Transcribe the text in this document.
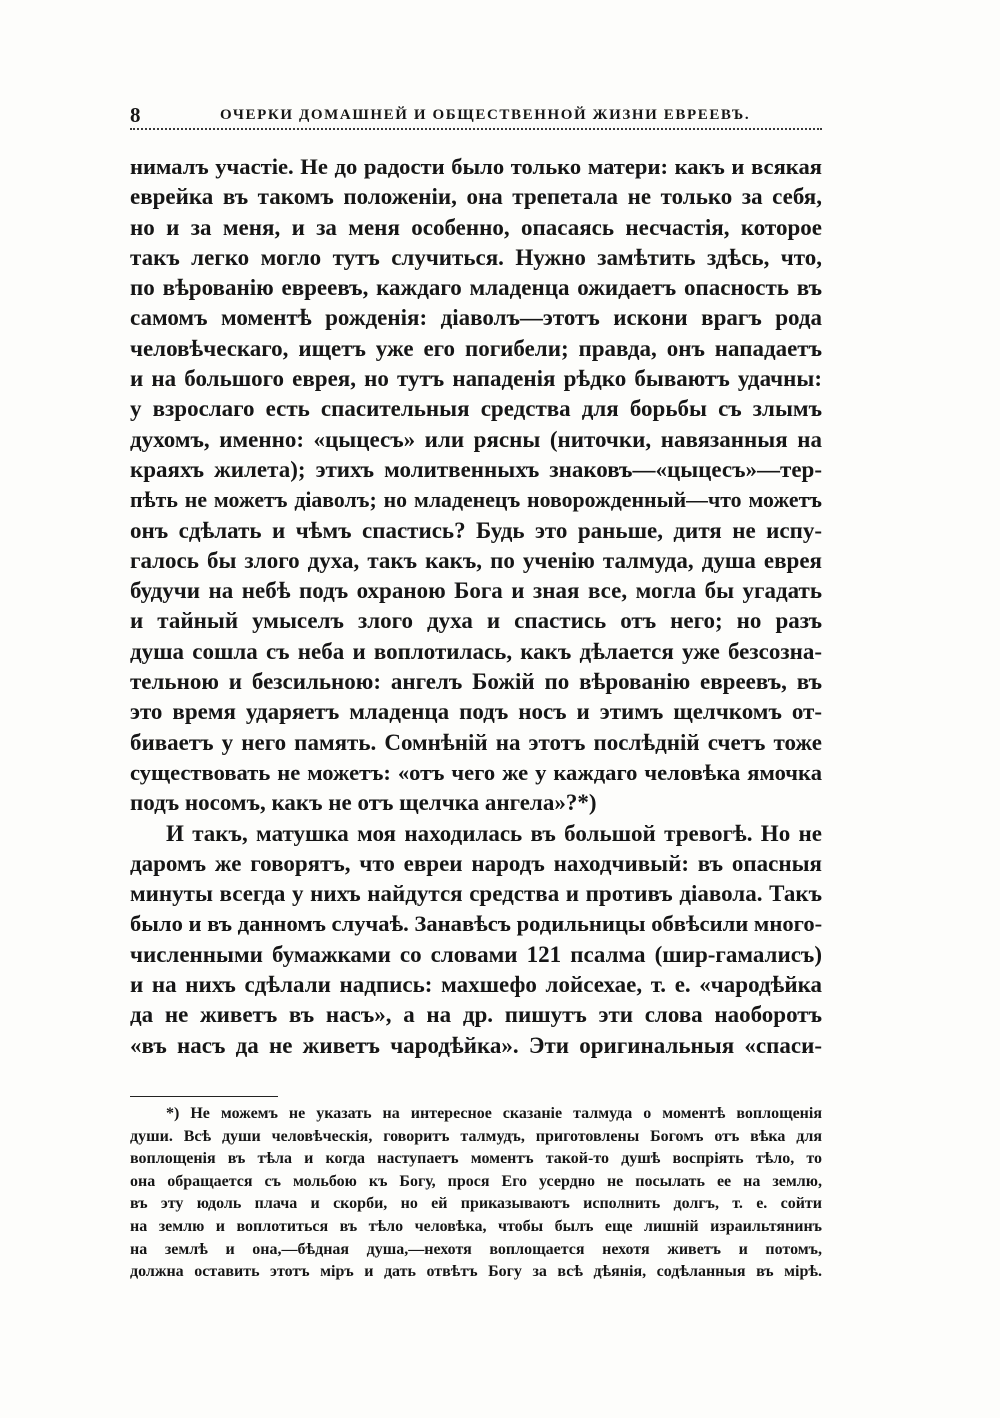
8	ОЧЕРКИ ДОМАШНЕЙ И ОБЩЕСТВЕННОЙ ЖИЗНИ ЕВРЕЕВЪ.
нималъ участіе. Не до радости было только матери: какъ и всякая
еврейка въ такомъ положеніи, она трепетала не только за себя,
но и за меня, и за меня особенно, опасаясь несчастія, которое
такъ легко могло тутъ случиться. Нужно замѣтить здѣсь, что,
по вѣрованію евреевъ, каждаго младенца ожидаетъ опасность въ
самомъ моментѣ рожденія: діаволъ—этотъ искони врагъ рода
человѣческаго, ищетъ уже его погибели; правда, онъ нападаетъ
и на большого еврея, но тутъ нападенія рѣдко бываютъ удачны:
у взрослаго есть спасительныя средства для борьбы съ злымъ
духомъ, именно: «цыцесъ» или рясны (ниточки, навязанныя на
краяхъ жилета); этихъ молитвенныхъ знаковъ—«цыцесъ»—тер-
пѣть не можетъ діаволъ; но младенецъ новорожденный—что можетъ
онъ сдѣлать и чѣмъ спастись? Будь это раньше, дитя не испу-
галось бы злого духа, такъ какъ, по ученію талмуда, душа еврея
будучи на небѣ подъ охраною Бога и зная все, могла бы угадать
и тайный умыселъ злого духа и спастись отъ него; но разъ
душа сошла съ неба и воплотилась, какъ дѣлается уже безсозна-
тельною и безсильною: ангелъ Божій по вѣрованію евреевъ, въ
это время ударяетъ младенца подъ носъ и этимъ щелчкомъ от-
биваетъ у него память. Сомнѣній на этотъ послѣдній счетъ тоже
существовать не можетъ: «отъ чего же у каждаго человѣка ямочка
подъ носомъ, какъ не отъ щелчка ангела»?*)
И такъ, матушка моя находилась въ большой тревогѣ. Но не
даромъ же говорятъ, что евреи народъ находчивый: въ опасныя
минуты всегда у нихъ найдутся средства и противъ діавола. Такъ
было и въ данномъ случаѣ. Занавѣсъ родильницы обвѣсили много-
численными бумажками со словами 121 псалма (шир-гамалисъ)
и на нихъ сдѣлали надпись: махшефо лойсехае, т. е. «чародѣйка
да не живетъ въ насъ», а на др. пишутъ эти слова наоборотъ
«въ насъ да не живетъ чародѣйка». Эти оригинальныя «спаси-
*) Не можемъ не указать на интересное сказаніе талмуда о моментѣ воплощенія
души. Всѣ души человѣческія, говоритъ талмудъ, приготовлены Богомъ отъ вѣка для
воплощенія въ тѣла и когда наступаетъ моментъ такой-то душѣ воспріять тѣло, то
она обращается съ мольбою къ Богу, прося Его усердно не посылать ее на землю,
въ эту юдоль плача и скорби, но ей приказываютъ исполнить долгъ, т. е. сойти
на землю и воплотиться въ тѣло человѣка, чтобы былъ еще лишній израильтянинъ
на землѣ и она,—бѣдная душа,—нехотя воплощается нехотя живетъ и потомъ,
должна оставить этотъ міръ и дать отвѣтъ Богу за всѣ дѣянія, содѣланныя въ мірѣ.
